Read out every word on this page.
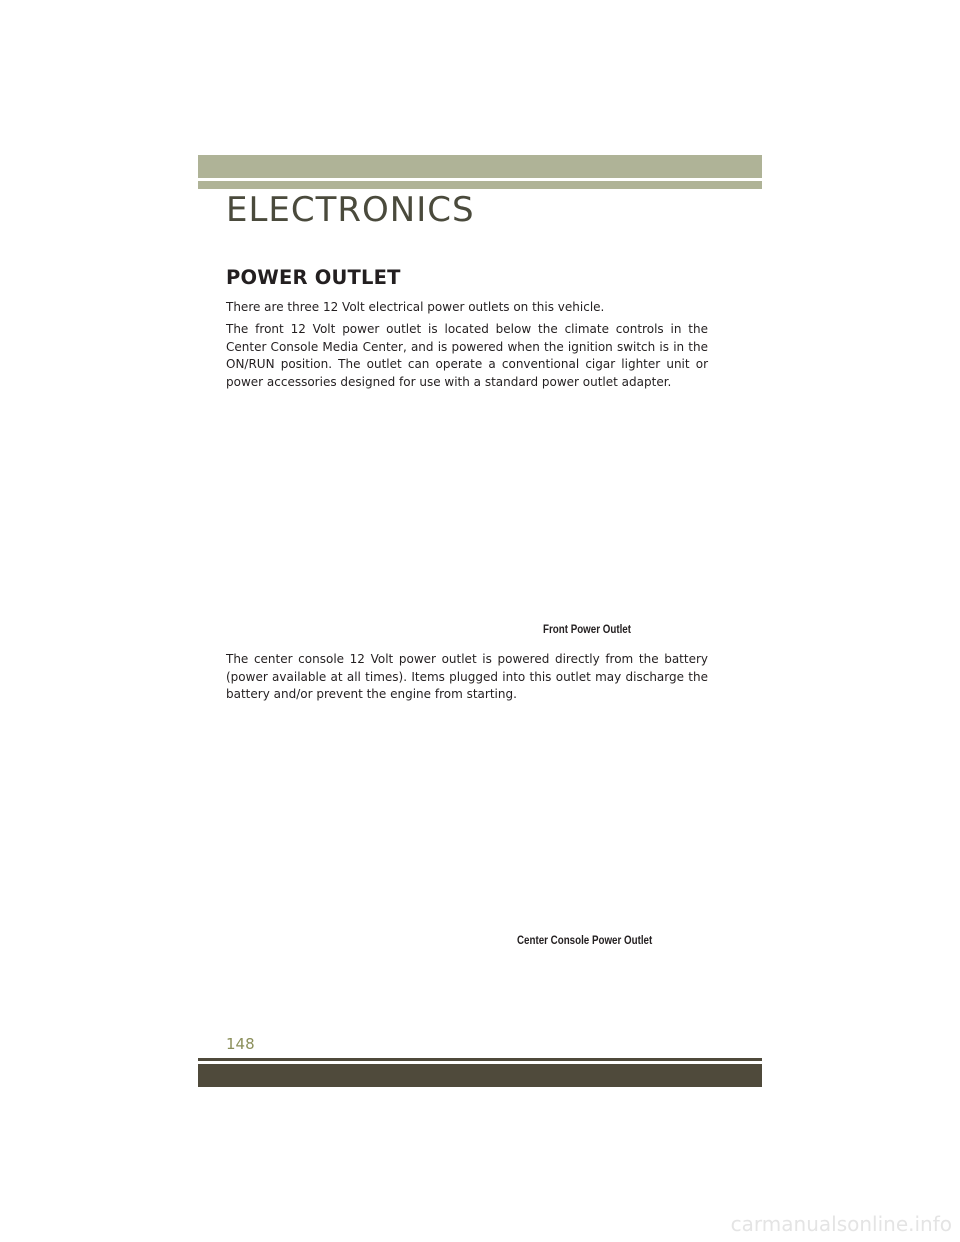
ELECTRONICS
POWER OUTLET

There are three 12 Volt electrical power outlets on this vehicle.

The front 12 Volt power outlet is located below the climate controls in the Center Console Media Center, and is powered when the ignition switch is in the ON/RUN position. The outlet can operate a conventional cigar lighter unit or power accessories designed for use with a standard power outlet adapter.

Front Power Outlet

The center console 12 Volt power outlet is powered directly from the battery (power available at all times). Items plugged into this outlet may discharge the battery and/or prevent the engine from starting.

Center Console Power Outlet
148
carmanualsonline.info
